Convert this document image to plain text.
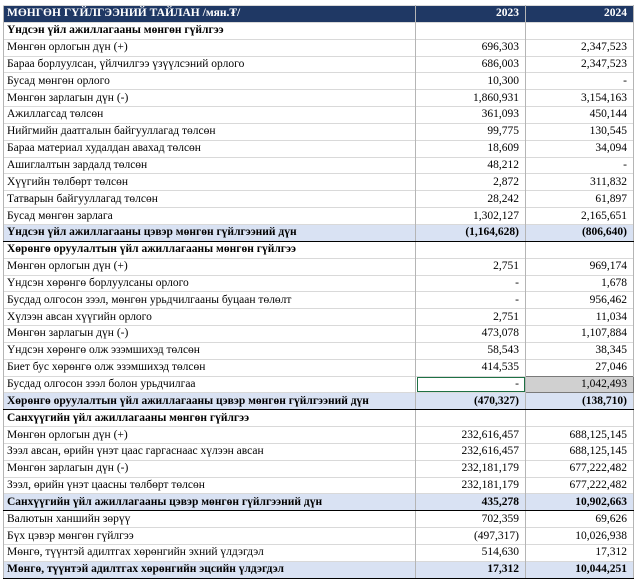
МӨНГӨН ГҮЙЛГЭЭНИЙ ТАЙЛАН /мян.₮/	2023	2024
Үндсэн үйл ажиллагааны мөнгөн гүйлгээ		
Мөнгөн орлогын дүн (+)	696,303	2,347,523
Бараа борлуулсан, үйлчилгээ үзүүлсэний орлого	686,003	2,347,523
Бусад мөнгөн орлого	10,300	-
Мөнгөн зарлагын дүн (-)	1,860,931	3,154,163
Ажиллагсад төлсөн	361,093	450,144
Нийгмийн даатгалын байгууллагад төлсөн	99,775	130,545
Бараа материал худалдан авахад төлсөн	18,609	34,094
Ашиглалтын зардалд төлсөн	48,212	-
Хүүгийн төлбөрт төлсөн	2,872	311,832
Татварын байгууллагад төлсөн	28,242	61,897
Бусад мөнгөн зарлага	1,302,127	2,165,651
Үндсэн үйл ажиллагааны цэвэр мөнгөн гүйлгээний дүн	(1,164,628)	(806,640)
Хөрөнгө оруулалтын үйл ажиллагааны мөнгөн гүйлгээ		
Мөнгөн орлогын дүн (+)	2,751	969,174
Үндсэн хөрөнгө борлуулсаны орлого	-	1,678
Бусдад олгосон зээл, мөнгөн урьдчилгааны буцаан төлөлт	-	956,462
Хүлээн авсан хүүгийн орлого	2,751	11,034
Мөнгөн зарлагын дүн (-)	473,078	1,107,884
Үндсэн хөрөнгө олж эзэмшихэд төлсөн	58,543	38,345
Биет бус хөрөнгө олж эзэмшихэд төлсөн	414,535	27,046
Бусдад олгосон зээл болон урьдчилгаа	-	1,042,493
Хөрөнгө оруулалтын үйл ажиллагааны цэвэр мөнгөн гүйлгээний дүн	(470,327)	(138,710)
Санхүүгийн үйл ажиллагааны мөнгөн гүйлгээ		
Мөнгөн орлогын дүн (+)	232,616,457	688,125,145
Зээл авсан, өрийн үнэт цаас гаргаснаас хүлээн авсан	232,616,457	688,125,145
Мөнгөн зарлагын дүн (-)	232,181,179	677,222,482
Зээл, өрийн үнэт цаасны төлбөрт төлсөн	232,181,179	677,222,482
Санхүүгийн үйл ажиллагааны цэвэр мөнгөн гүйлгээний дүн	435,278	10,902,663
Валютын ханшийн зөрүү	702,359	69,626
Бүх цэвэр мөнгөн гүйлгээ	(497,317)	10,026,938
Мөнгө, түүнтэй адилтгах хөрөнгийн эхний үлдэгдэл	514,630	17,312
Мөнгө, түүнтэй адилтгах хөрөнгийн эцсийн үлдэгдэл	17,312	10,044,251
